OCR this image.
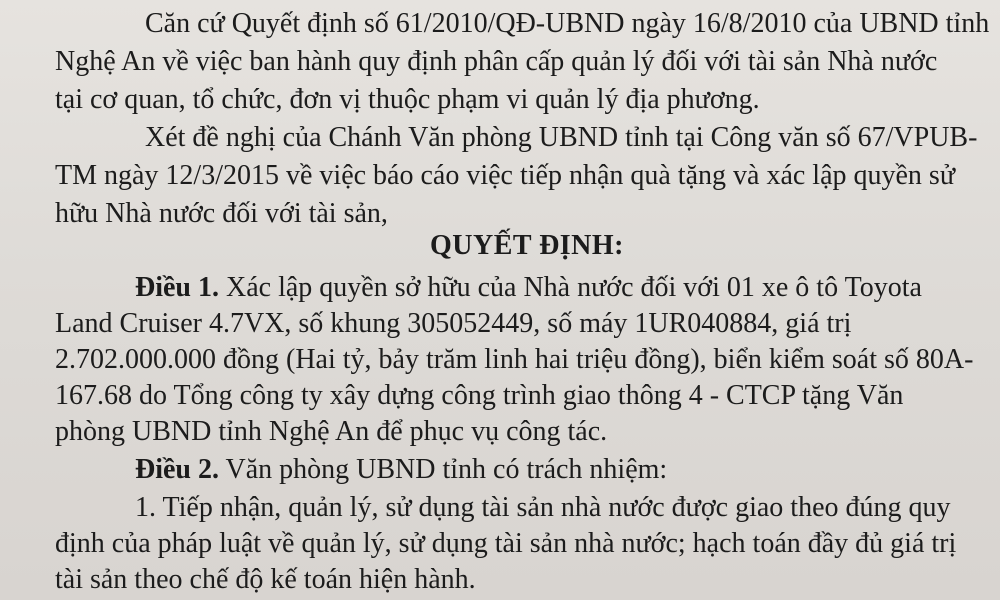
Căn cứ Quyết định số 61/2010/QĐ-UBND ngày 16/8/2010 của UBND tỉnh
Nghệ An về việc ban hành quy định phân cấp quản lý đối với tài sản Nhà nước
tại cơ quan, tổ chức, đơn vị thuộc phạm vi quản lý địa phương.
Xét đề nghị của Chánh Văn phòng UBND tỉnh tại Công văn số 67/VPUB-
TM ngày 12/3/2015 về việc báo cáo việc tiếp nhận quà tặng và xác lập quyền sử
hữu Nhà nước đối với tài sản,
QUYẾT ĐỊNH:
Điều 1. Xác lập quyền sở hữu của Nhà nước đối với 01 xe ô tô Toyota
Land Cruiser 4.7VX, số khung 305052449, số máy 1UR040884, giá trị
2.702.000.000 đồng (Hai tỷ, bảy trăm linh hai triệu đồng), biển kiểm soát số 80A-
167.68 do Tổng công ty xây dựng công trình giao thông 4 - CTCP tặng Văn
phòng UBND tỉnh Nghệ An để phục vụ công tác.
Điều 2. Văn phòng UBND tỉnh có trách nhiệm:
1. Tiếp nhận, quản lý, sử dụng tài sản nhà nước được giao theo đúng quy
định của pháp luật về quản lý, sử dụng tài sản nhà nước; hạch toán đầy đủ giá trị
tài sản theo chế độ kế toán hiện hành.
